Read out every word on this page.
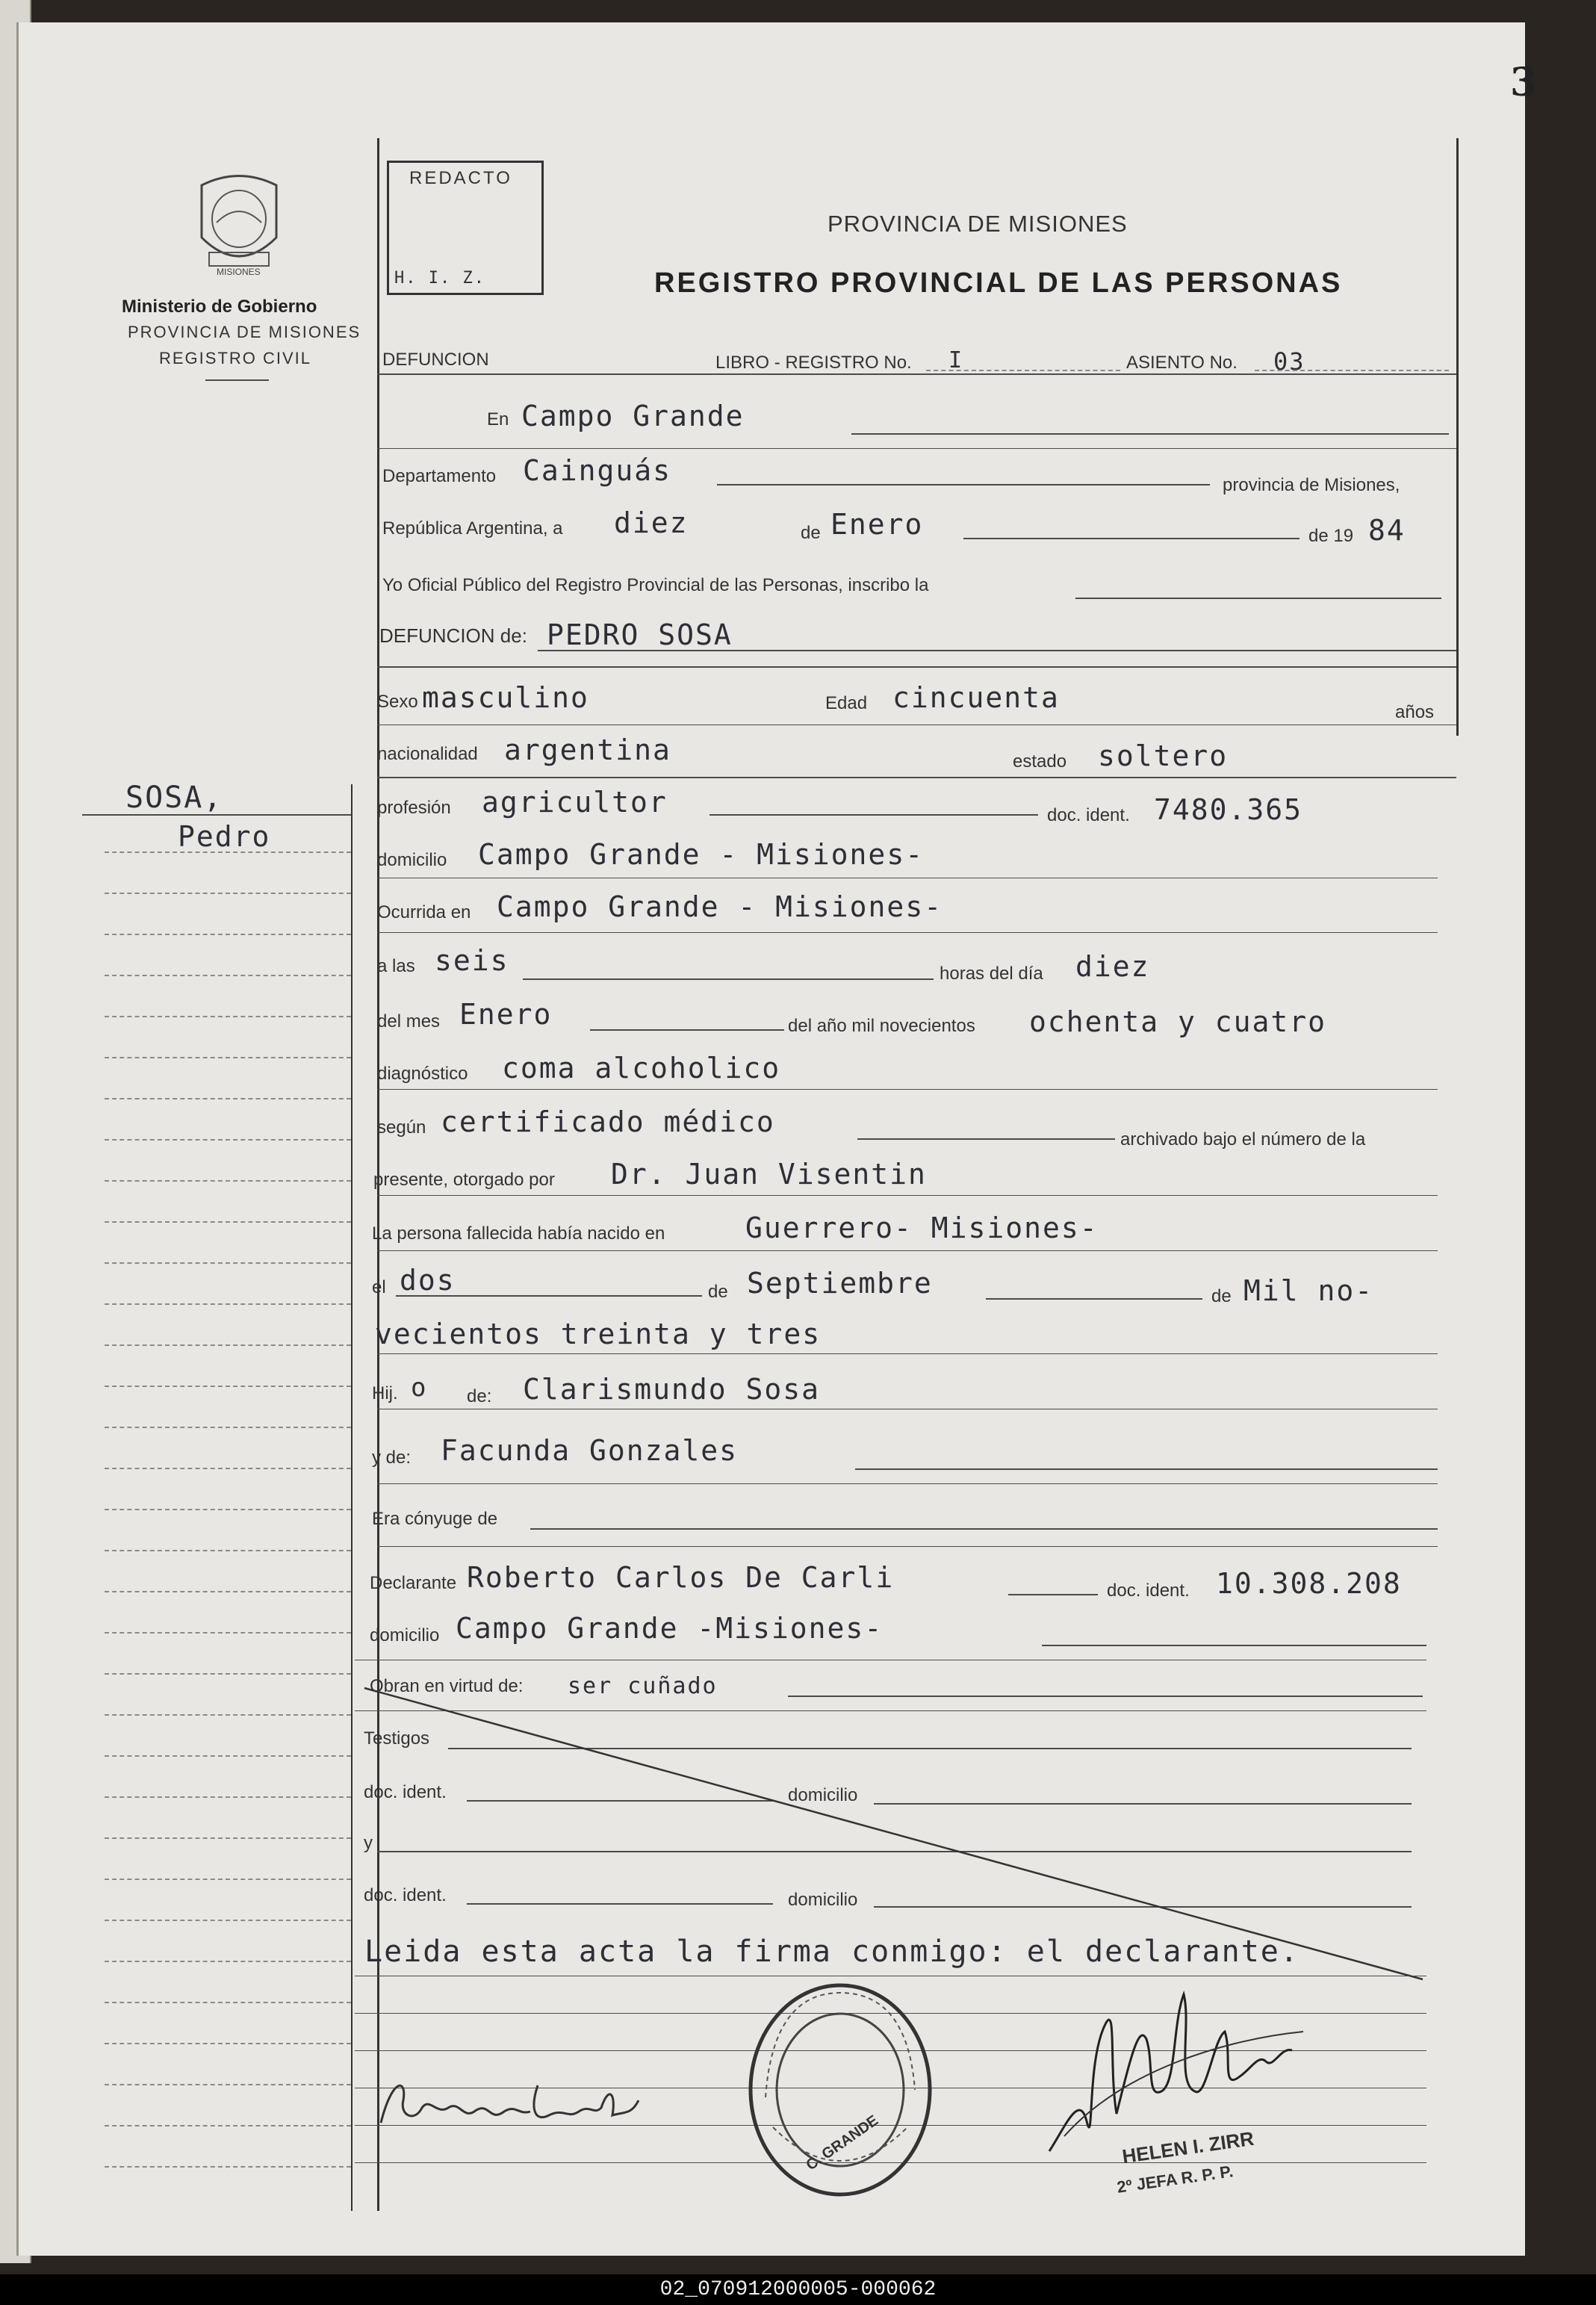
3
MISIONES
Ministerio de Gobierno
PROVINCIA DE MISIONES
REGISTRO CIVIL
REDACTO
H. I. Z.
PROVINCIA DE MISIONES
REGISTRO PROVINCIAL DE LAS PERSONAS
DEFUNCION	LIBRO - REGISTRO No. I	ASIENTO No. 03
En Campo Grande
Departamento Cainguás	provincia de Misiones,
República Argentina, a diez	de Enero	de 19 84
Yo Oficial Público del Registro Provincial de las Personas, inscribo la
DEFUNCION de: PEDRO SOSA
Sexo masculino	Edad cincuenta	años
nacionalidad argentina	estado soltero
SOSA,
Pedro
profesión agricultor	doc. ident. 7480.365
domicilio Campo Grande - Misiones-
Ocurrida en Campo Grande - Misiones-
a las seis	horas del día diez
del mes Enero	del año mil novecientos ochenta y cuatro
diagnóstico coma alcoholico
según certificado médico
archivado bajo el número de la
presente, otorgado por Dr. Juan Visentin
La persona fallecida había nacido en	Guerrero- Misiones-
el dos	de Septiembre	de Mil no-
vecientos treinta y tres
Hij. o de: Clarismundo Sosa
y de: Facunda Gonzales
Era cónyuge de
Declarante Roberto Carlos De Carli	doc. ident. 10.308.208
domicilio Campo Grande -Misiones-
Obran en virtud de: ser cuñado
Testigos
doc. ident.	domicilio
y
doc. ident.	domicilio
Leida esta acta la firma conmigo: el declarante.
C. GRANDE	HELEN I. ZIRR
2º JEFA R. P. P.
02_070912000005-000062
